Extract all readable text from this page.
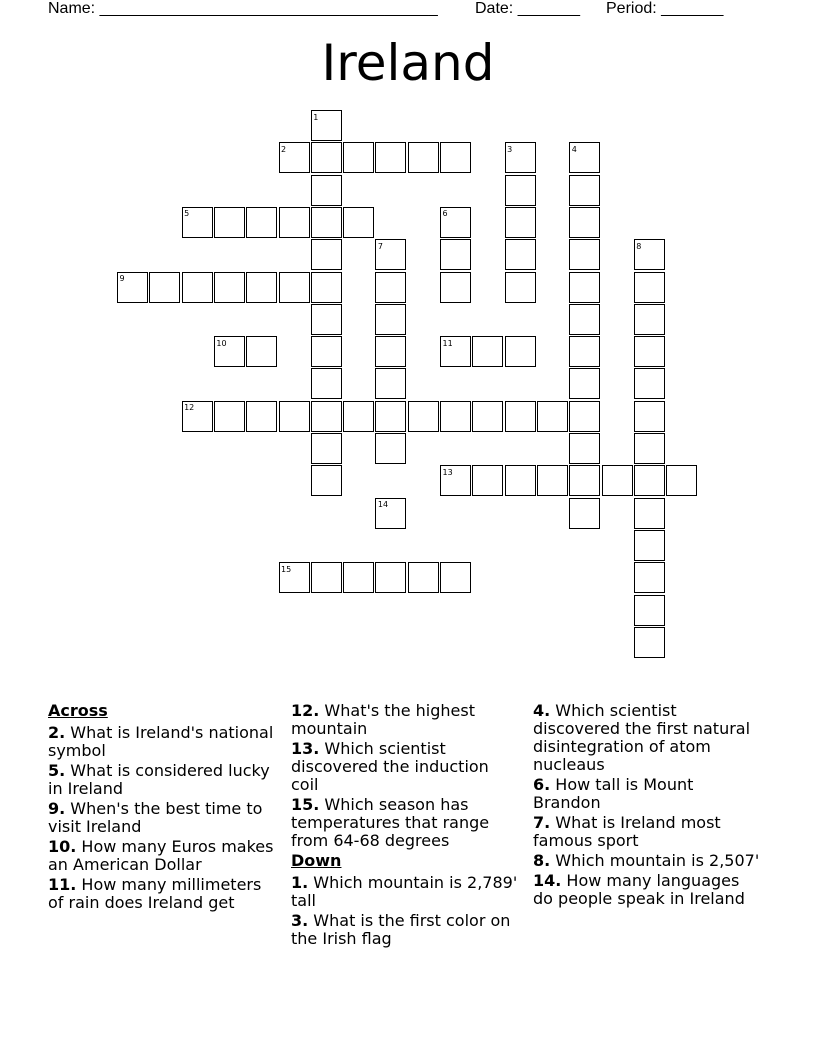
Name: ______________________________________ Date: _______ Period: _______
Ireland
1
2	3	4
5	6
7	8
9
10	11
12
13
14
15
Across
2. What is Ireland's national symbol
5. What is considered lucky in Ireland
9. When's the best time to visit Ireland
10. How many Euros makes an American Dollar
11. How many millimeters of rain does Ireland get
12. What's the highest mountain
13. Which scientist discovered the induction coil
15. Which season has temperatures that range from 64-68 degrees
Down
1. Which mountain is 2,789' tall
3. What is the first color on the Irish flag
4. Which scientist discovered the first natural disintegration of atom nucleaus
6. How tall is Mount Brandon
7. What is Ireland most famous sport
8. Which mountain is 2,507'
14. How many languages do people speak in Ireland
